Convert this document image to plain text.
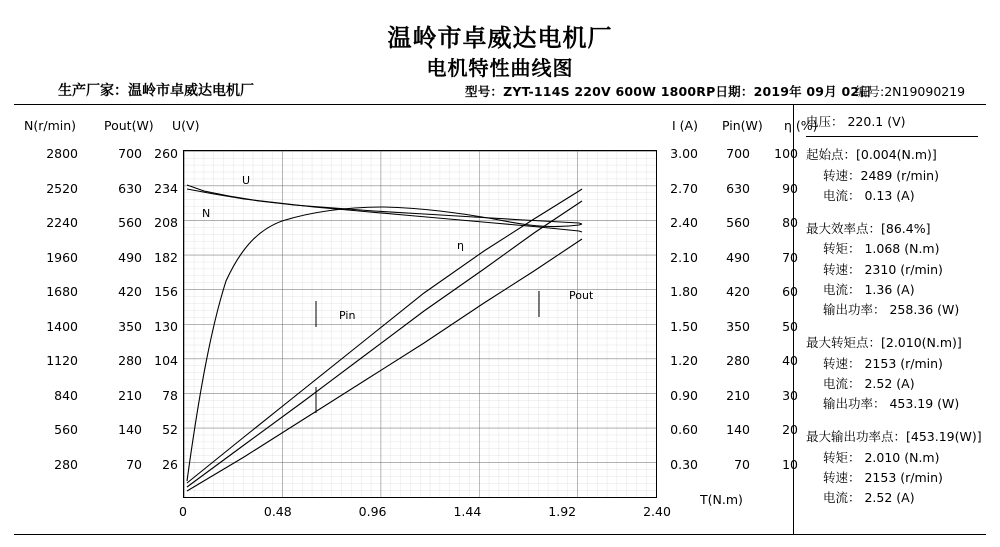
温岭市卓威达电机厂
电机特性曲线图
生产厂家：温岭市卓威达电机厂	型号：ZYT-114S 220V 600W 1800RP日期：2019年 09月 02日
编号:2N19090219
N(r/min) Pout(W) U(V)	I (A) Pin(W) η (%)
2800
2520
2240
1960
1680
1400
1120
840
560
280
700
630
560
490
420
350
280
210
140
70
260
234
208
182
156
130
104
78
52
26
3.00
2.70
2.40
2.10
1.80
1.50
1.20
0.90
0.60
0.30
700
630
560
490
420
350
280
210
140
70
100
90
80
70
60
50
40
30
20
10
U
N
η
Pin
Pout
0	0.48	0.96	1.44	1.92	2.40
T(N.m)
电压： 220.1 (V)
起始点：[0.004(N.m)]
转速：2489 (r/min)
电流： 0.13 (A)
最大效率点：[86.4%]
转矩： 1.068 (N.m)
转速： 2310 (r/min)
电流： 1.36 (A)
输出功率： 258.36 (W)
最大转矩点：[2.010(N.m)]
转速： 2153 (r/min)
电流： 2.52 (A)
输出功率： 453.19 (W)
最大输出功率点：[453.19(W)]
转矩： 2.010 (N.m)
转速： 2153 (r/min)
电流： 2.52 (A)
